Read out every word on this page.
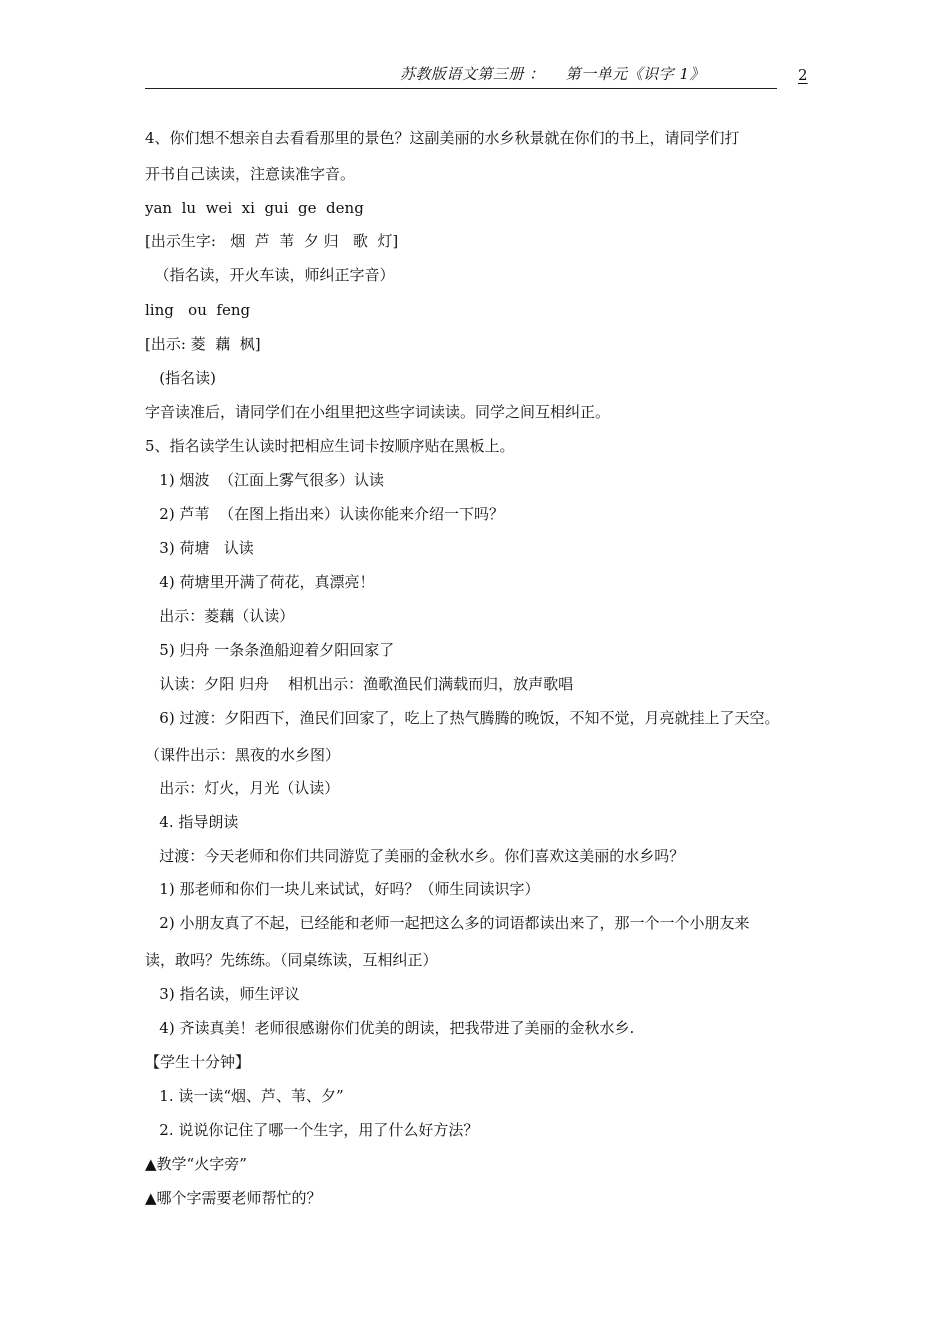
苏教版语文第三册 ：    第一单元《识字 1》	2
4、你们想不想亲自去看看那里的景色？这副美丽的水乡秋景就在你们的书上，请同学们打
开书自己读读，注意读准字音。
yan  lu  wei  xi  gui  ge  deng
[出示生字:   烟  芦  苇  夕 归   歌  灯]
（指名读，开火车读，师纠正字音）
ling   ou  feng
[出示: 菱  藕  枫]
(指名读)
字音读准后，请同学们在小组里把这些字词读读。同学之间互相纠正。
5、指名读学生认读时把相应生词卡按顺序贴在黑板上。
1) 烟波  （江面上雾气很多）认读
2) 芦苇  （在图上指出来）认读你能来介绍一下吗？
3) 荷塘   认读
4) 荷塘里开满了荷花，真漂亮！
出示：菱藕（认读）
5) 归舟 一条条渔船迎着夕阳回家了
认读：夕阳 归舟    相机出示：渔歌渔民们满载而归，放声歌唱
6) 过渡：夕阳西下，渔民们回家了，吃上了热气腾腾的晚饭，不知不觉，月亮就挂上了天空。
（课件出示：黑夜的水乡图）
出示：灯火，月光（认读）
4. 指导朗读
过渡：今天老师和你们共同游览了美丽的金秋水乡。你们喜欢这美丽的水乡吗？
1) 那老师和你们一块儿来试试，好吗？（师生同读识字）
2) 小朋友真了不起，已经能和老师一起把这么多的词语都读出来了，那一个一个小朋友来
读，敢吗？先练练。（同桌练读，互相纠正）
3) 指名读，师生评议
4) 齐读真美！老师很感谢你们优美的朗读，把我带进了美丽的金秋水乡.
【学生十分钟】
1. 读一读“烟、芦、苇、夕”
2. 说说你记住了哪一个生字，用了什么好方法？
▲教学“火字旁”
▲哪个字需要老师帮忙的？
